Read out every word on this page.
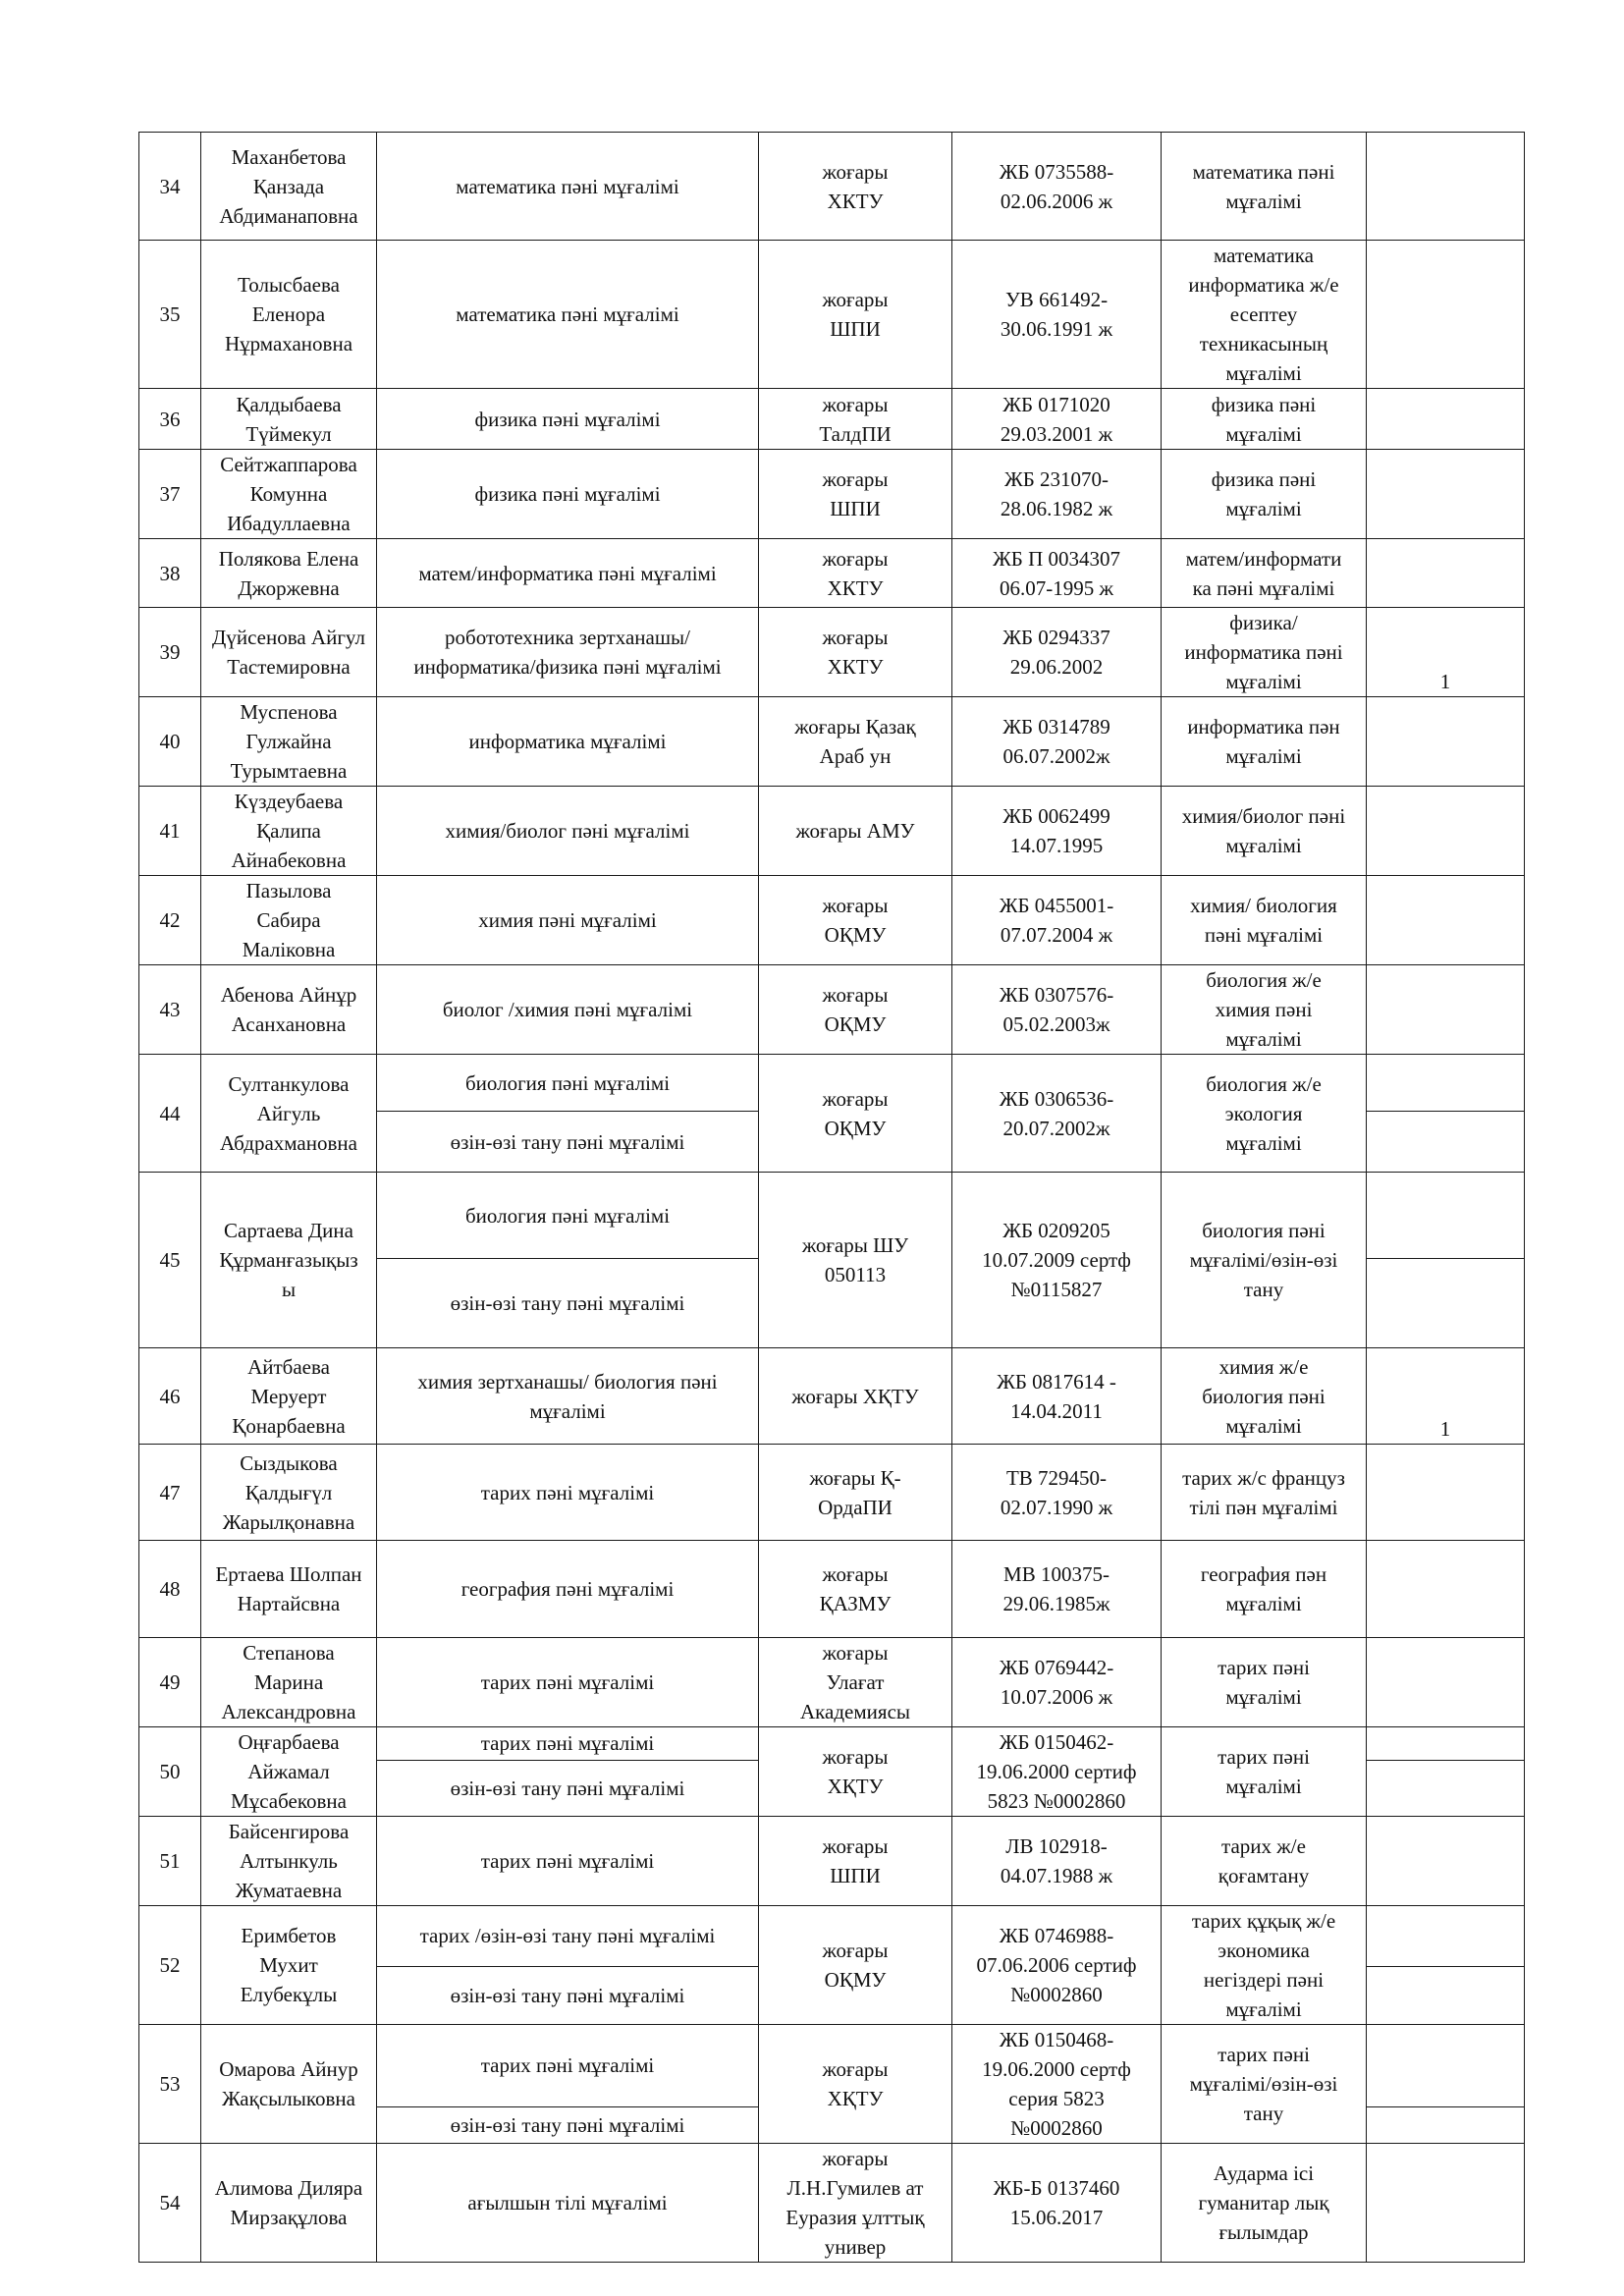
34	Маханбетова
Қанзада
Абдиманаповна	математика пәні мұғалімі	жоғары
ХКТУ	ЖБ 0735588-
02.06.2006 ж	математика пәні
мұғалімі	
35	Толысбаева
Еленора
Нұрмахановна	математика пәні мұғалімі	жоғары
ШПИ	УВ 661492-
30.06.1991 ж	математика
информатика ж/е
есептеу
техникасының
мұғалімі	
36	Қалдыбаева
Түймекул	физика пәні мұғалімі	жоғары
ТалдПИ	ЖБ 0171020
29.03.2001 ж	физика пәні
мұғалімі	
37	Сейтжаппарова
Комунна
Ибадуллаевна	физика пәні мұғалімі	жоғары
ШПИ	ЖБ 231070-
28.06.1982 ж	физика пәні
мұғалімі	
38	Полякова Елена
Джоржевна	матем/информатика пәні мұғалімі	жоғары
ХКТУ	ЖБ П 0034307
06.07-1995 ж	матем/информати
ка пәні мұғалімі	
39	Дүйсенова Айгул
Тастемировна	робототехника зертханашы/
информатика/физика пәні мұғалімі	жоғары
ХКТУ	ЖБ 0294337
29.06.2002	физика/
информатика пәні
мұғалімі	1
40	Муспенова
Гулжайна
Турымтаевна	информатика мұғалімі	жоғары Қазақ
Араб ун	ЖБ 0314789
06.07.2002ж	информатика пән
мұғалімі	
41	Күздеубаева
Қалипа
Айнабековна	химия/биолог пәні мұғалімі	жоғары АМУ	ЖБ 0062499
14.07.1995	химия/биолог пәні
мұғалімі	
42	Пазылова
Сабира
Малiковна	химия пәні мұғалімі	жоғары
ОҚМУ	ЖБ 0455001-
07.07.2004 ж	химия/ биология
пәні мұғалімі	
43	Абенова Айнұр
Асанхановна	биолог /химия пәні мұғалімі	жоғары
ОҚМУ	ЖБ 0307576-
05.02.2003ж	биология ж/е
химия пәні
мұғалімі	
44	Султанкулова
Айгуль
Абдрахмановна	биология пәні мұғалімі	жоғары
ОҚМУ	ЖБ 0306536-
20.07.2002ж	биология ж/е
экология
мұғалімі	
		өзін-өзі тану пәні мұғалімі				
45	Сартаева Дина
Құрманғазықыз
ы	биология пәні мұғалімі	жоғары ШУ
050113	ЖБ 0209205
10.07.2009 сертф
№0115827	биология пәні
мұғалімі/өзін-өзі
тану	
		өзін-өзі тану пәні мұғалімі				
46	Айтбаева
Меруерт
Қонарбаевна	химия зертханашы/ биология пәні
мұғалімі	жоғары ХҚТУ	ЖБ 0817614 -
14.04.2011	химия ж/е
биология пәні
мұғалімі	1
47	Сыздыкова
Қалдығүл
Жарылқонавна	тарих пәні мұғалімі	жоғары Қ-
ОрдаПИ	ТВ 729450-
02.07.1990 ж	тарих ж/с француз
тілі пән мұғалімі	
48	Ертаева Шолпан
Нартайсвна	география пәні мұғалімі	жоғары
ҚАЗМУ	МВ 100375-
29.06.1985ж	география пән
мұғалімі	
49	Степанова
Марина
Александровна	тарих пәні мұғалімі	жоғары
Улағат
Академиясы	ЖБ 0769442-
10.07.2006 ж	тарих пәні
мұғалімі	
50	Оңғарбаева
Айжамал
Мұсабековна	тарих пәні мұғалімі	жоғары
ХҚТУ	ЖБ 0150462-
19.06.2000 сертиф
5823 №0002860	тарих пәні
мұғалімі	
		өзін-өзі тану пәні мұғалімі				
51	Байсенгирова
Алтынкуль
Жуматаевна	тарих пәні мұғалімі	жоғары
ШПИ	ЛВ 102918-
04.07.1988 ж	тарих ж/е
қоғамтану	
52	Еримбетов
Мухит
Елубекұлы	тарих /өзін-өзі тану пәні мұғалімі	жоғары
ОҚМУ	ЖБ 0746988-
07.06.2006 сертиф
№0002860	тарих құқық ж/е
экономика
негіздері пәні
мұғалімі	
		өзін-өзі тану пәні мұғалімі				
53	Омарова Айнур
Жақсылыковна	тарих пәні мұғалімі	жоғары
ХҚТУ	ЖБ 0150468-
19.06.2000 сертф
серия 5823
№0002860	тарих пәні
мұғалімі/өзін-өзі
тану	
		өзін-өзі тану пәні мұғалімі				
54	Алимова Диляра
Мирзақұлова	ағылшын тілі мұғалімі	жоғары
Л.Н.Гумилев ат
Еуразия ұлттық
универ	ЖБ-Б 0137460
15.06.2017	Аударма ісі
гуманитар лық
ғылымдар	
